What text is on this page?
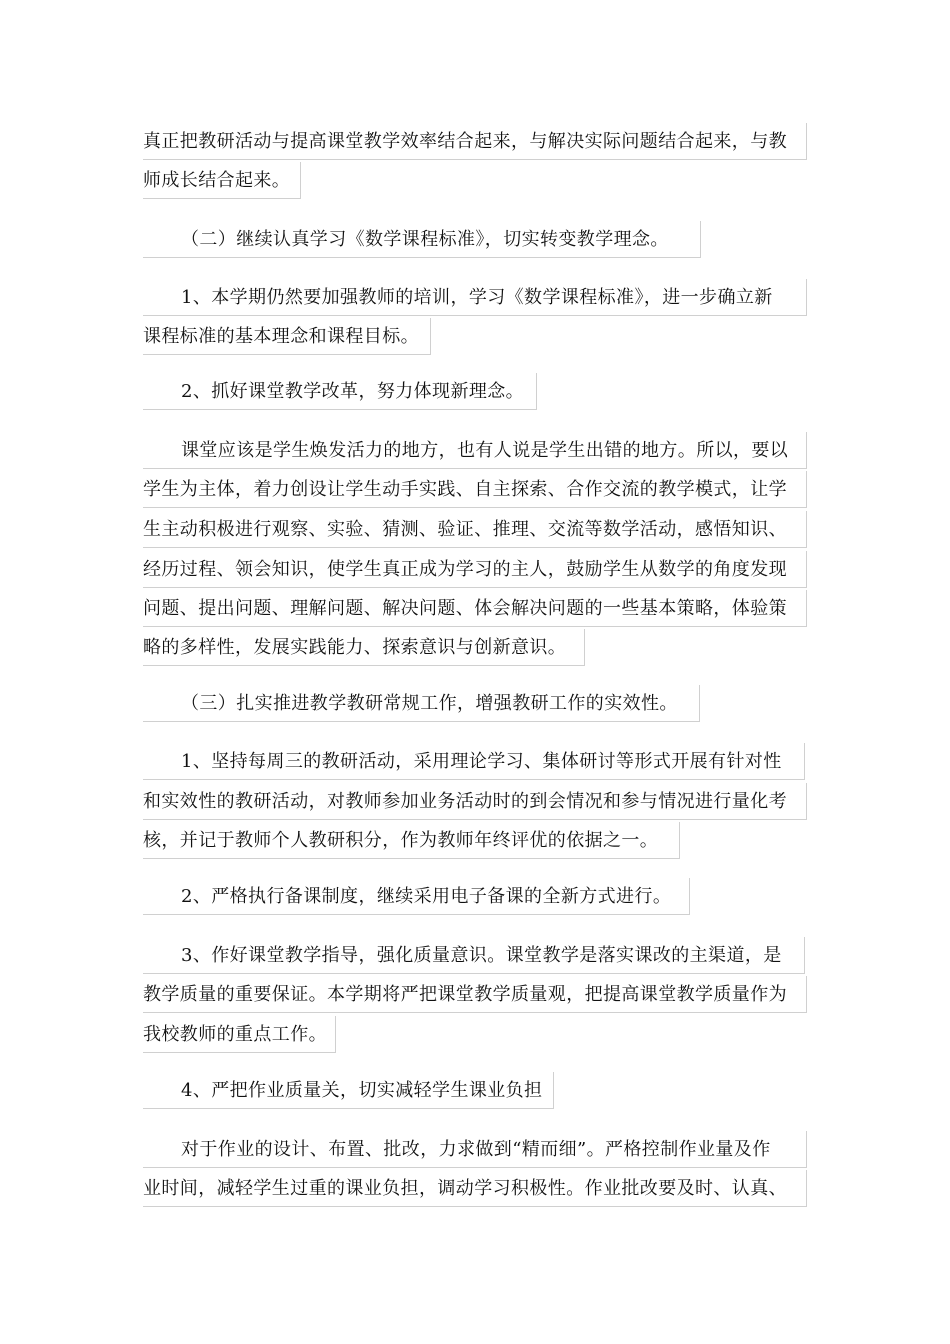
真正把教研活动与提高课堂教学效率结合起来，与解决实际问题结合起来，与教
师成长结合起来。
（二）继续认真学习《数学课程标准》，切实转变教学理念。
1、本学期仍然要加强教师的培训，学习《数学课程标准》，进一步确立新
课程标准的基本理念和课程目标。
2、抓好课堂教学改革，努力体现新理念。
课堂应该是学生焕发活力的地方，也有人说是学生出错的地方。所以，要以
学生为主体，着力创设让学生动手实践、自主探索、合作交流的教学模式，让学
生主动积极进行观察、实验、猜测、验证、推理、交流等数学活动，感悟知识、
经历过程、领会知识，使学生真正成为学习的主人，鼓励学生从数学的角度发现
问题、提出问题、理解问题、解决问题、体会解决问题的一些基本策略，体验策
略的多样性，发展实践能力、探索意识与创新意识。
（三）扎实推进教学教研常规工作，增强教研工作的实效性。
1、坚持每周三的教研活动，采用理论学习、集体研讨等形式开展有针对性
和实效性的教研活动，对教师参加业务活动时的到会情况和参与情况进行量化考
核，并记于教师个人教研积分，作为教师年终评优的依据之一。
2、严格执行备课制度，继续采用电子备课的全新方式进行。
3、作好课堂教学指导，强化质量意识。课堂教学是落实课改的主渠道，是
教学质量的重要保证。本学期将严把课堂教学质量观，把提高课堂教学质量作为
我校教师的重点工作。
4、严把作业质量关，切实减轻学生课业负担
对于作业的设计、布置、批改，力求做到“精而细”。严格控制作业量及作
业时间，减轻学生过重的课业负担，调动学习积极性。作业批改要及时、认真、
